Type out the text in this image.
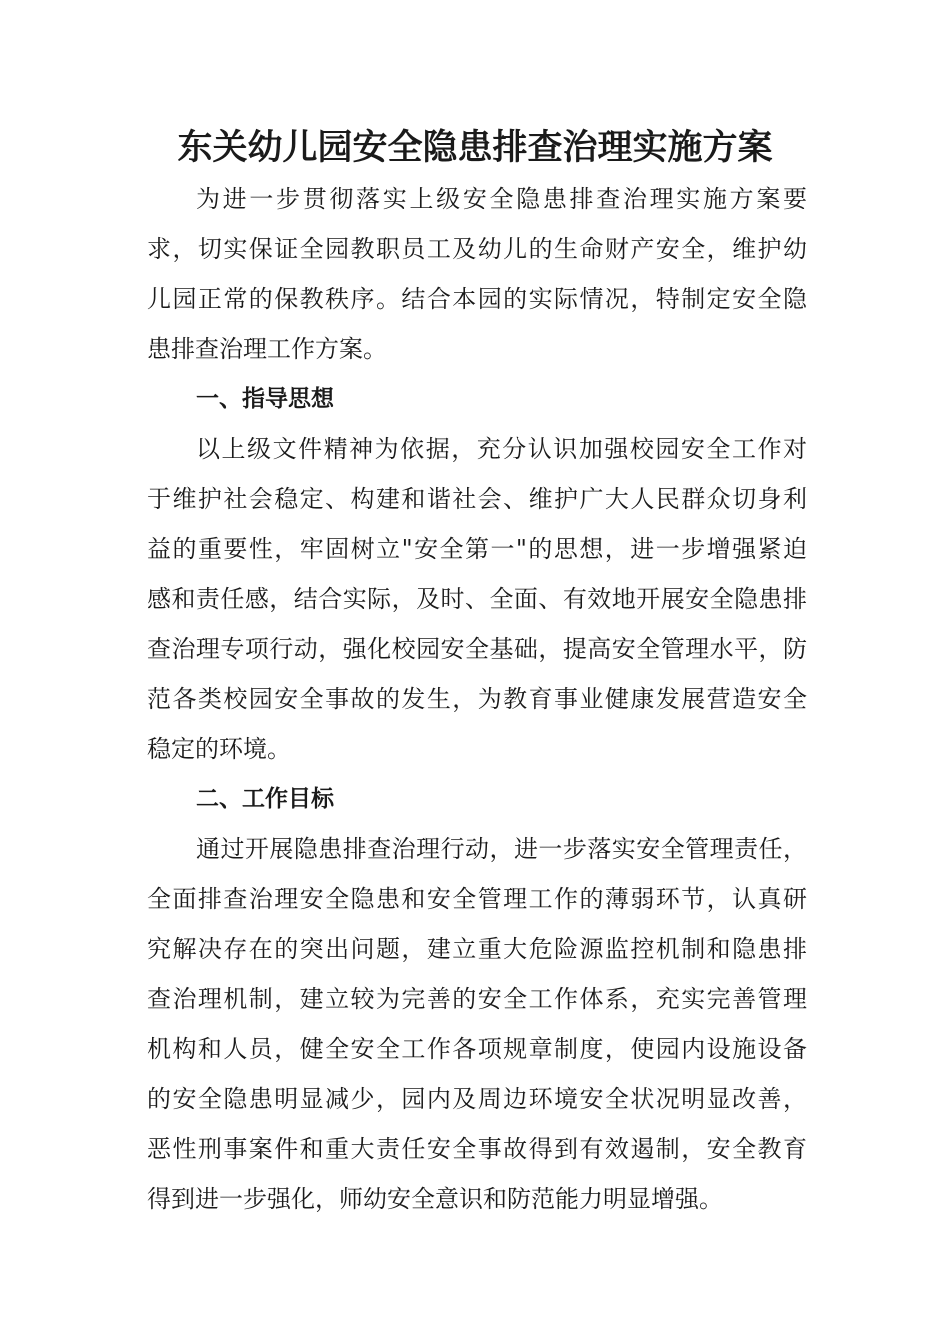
东关幼儿园安全隐患排查治理实施方案

为进一步贯彻落实上级安全隐患排查治理实施方案要

求，切实保证全园教职员工及幼儿的生命财产安全，维护幼

儿园正常的保教秩序。结合本园的实际情况，特制定安全隐

患排查治理工作方案。

一、指导思想

以上级文件精神为依据，充分认识加强校园安全工作对

于维护社会稳定、构建和谐社会、维护广大人民群众切身利

益的重要性，牢固树立"安全第一"的思想，进一步增强紧迫

感和责任感，结合实际，及时、全面、有效地开展安全隐患排

查治理专项行动，强化校园安全基础，提高安全管理水平，防

范各类校园安全事故的发生，为教育事业健康发展营造安全

稳定的环境。

二、工作目标

通过开展隐患排查治理行动，进一步落实安全管理责任，

全面排查治理安全隐患和安全管理工作的薄弱环节，认真研

究解决存在的突出问题，建立重大危险源监控机制和隐患排

查治理机制，建立较为完善的安全工作体系，充实完善管理

机构和人员，健全安全工作各项规章制度，使园内设施设备

的安全隐患明显减少，园内及周边环境安全状况明显改善，

恶性刑事案件和重大责任安全事故得到有效遏制，安全教育

得到进一步强化，师幼安全意识和防范能力明显增强。
